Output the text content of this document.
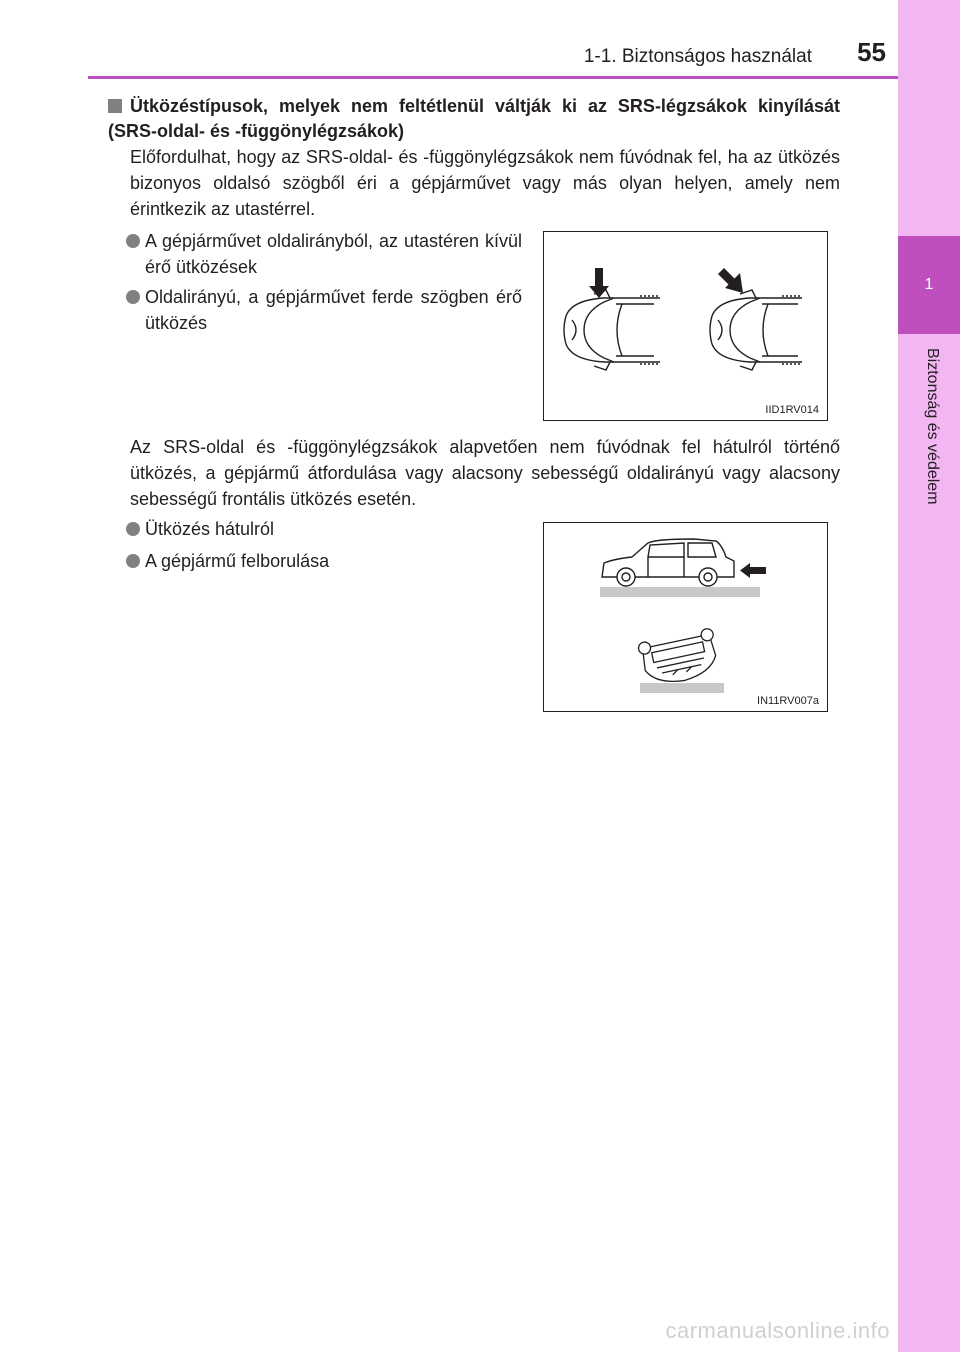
1
Biztonság és védelem
1-1. Biztonságos használat	55
Ütközéstípusok, melyek nem feltétlenül váltják ki az SRS-légzsákok kinyílását (SRS-oldal- és -függönylégzsákok)
Előfordulhat, hogy az SRS-oldal- és -függönylégzsákok nem fúvódnak fel, ha az ütközés bizonyos oldalsó szögből éri a gépjárművet vagy más olyan helyen, amely nem érintkezik az utastérrel.
A gépjárművet oldalirányból, az utastéren kívül érő ütközések
Oldalirányú, a gépjárművet ferde szögben érő ütközés
IID1RV014
Az SRS-oldal és -függönylégzsákok alapvetően nem fúvódnak fel hátulról történő ütközés, a gépjármű átfordulása vagy alacsony sebességű oldalirányú vagy alacsony sebességű frontális ütközés esetén.
Ütközés hátulról
A gépjármű felborulása
IN11RV007a
carmanualsonline.info
